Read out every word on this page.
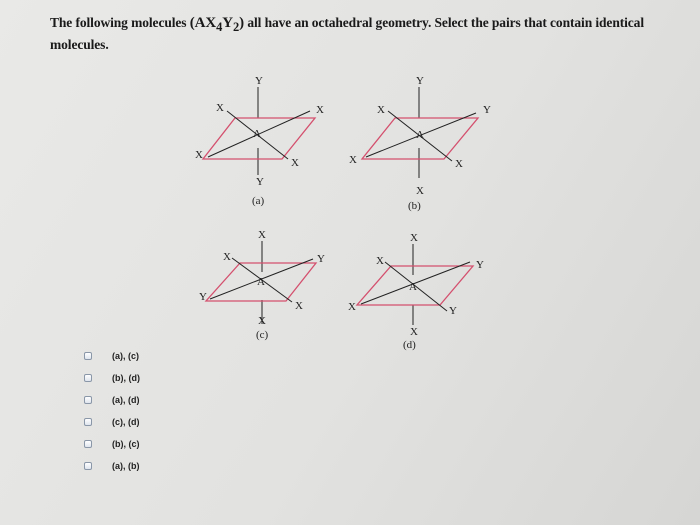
The following molecules $(AX_4Y_2)$ all have an octahedral geometry. Select the pairs that contain identical molecules.
Y
Y
A
X	X
X
X
(a)
Y
X
A
X	Y
X	X
(b)
X
X
A
X	Y
Y
X
(c)
X
X
A
X	Y
X	Y
(d)
(a), (c)
(b), (d)
(a), (d)
(c), (d)
(b), (c)
(a), (b)
